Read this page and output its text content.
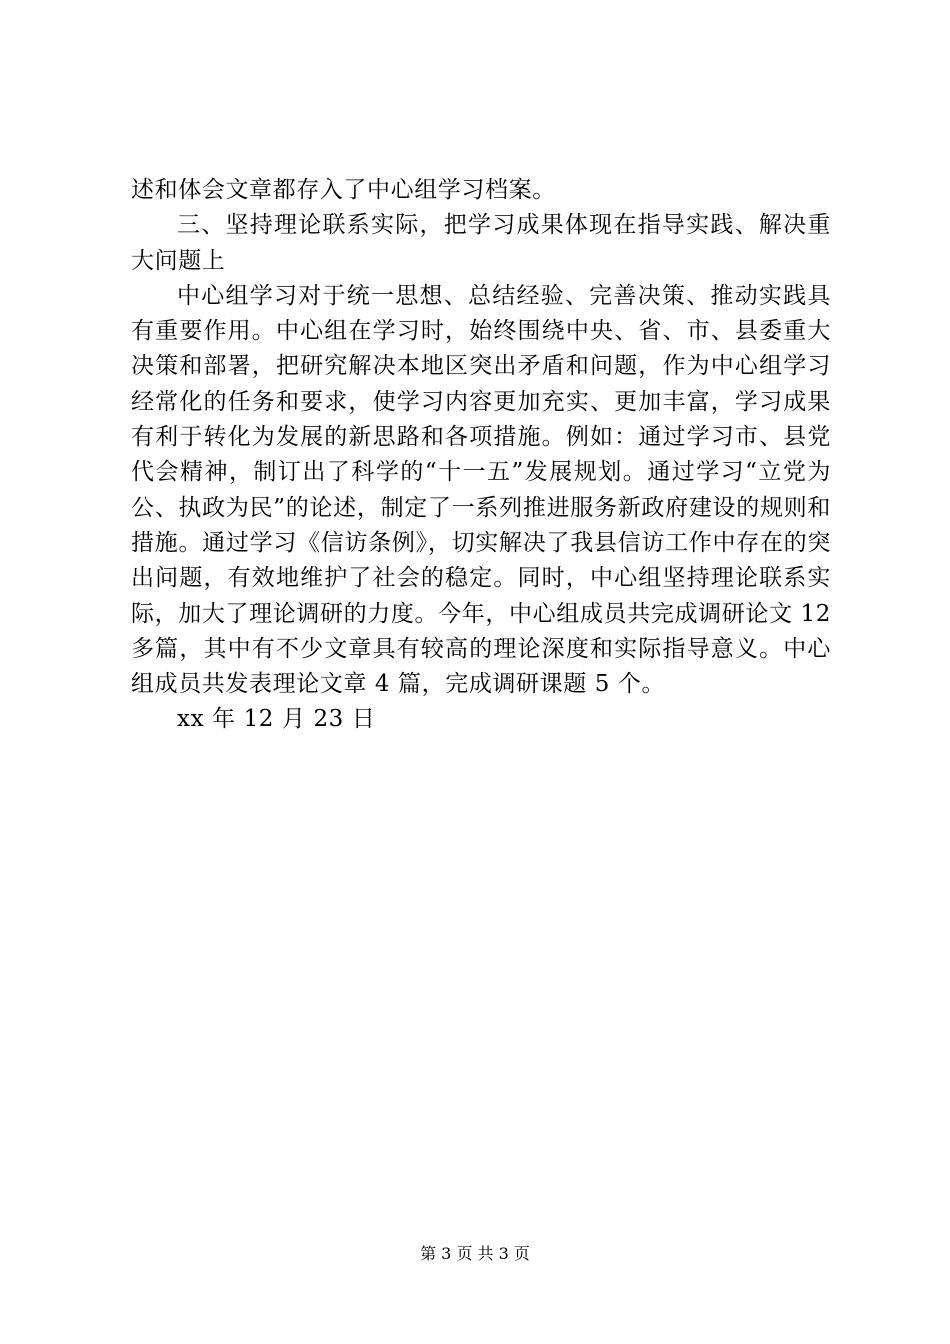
述和体会文章都存入了中心组学习档案。

三、坚持理论联系实际，把学习成果体现在指导实践、解决重大问题上

中心组学习对于统一思想、总结经验、完善决策、推动实践具有重要作用。中心组在学习时，始终围绕中央、省、市、县委重大决策和部署，把研究解决本地区突出矛盾和问题，作为中心组学习经常化的任务和要求，使学习内容更加充实、更加丰富，学习成果有利于转化为发展的新思路和各项措施。例如：通过学习市、县党代会精神，制订出了科学的“十一五”发展规划。通过学习“立党为公、执政为民”的论述，制定了一系列推进服务新政府建设的规则和措施。通过学习《信访条例》，切实解决了我县信访工作中存在的突出问题，有效地维护了社会的稳定。同时，中心组坚持理论联系实际，加大了理论调研的力度。今年，中心组成员共完成调研论文 12 多篇，其中有不少文章具有较高的理论深度和实际指导意义。中心组成员共发表理论文章 4 篇，完成调研课题 5 个。

xx 年 12 月 23 日

第 3 页 共 3 页
